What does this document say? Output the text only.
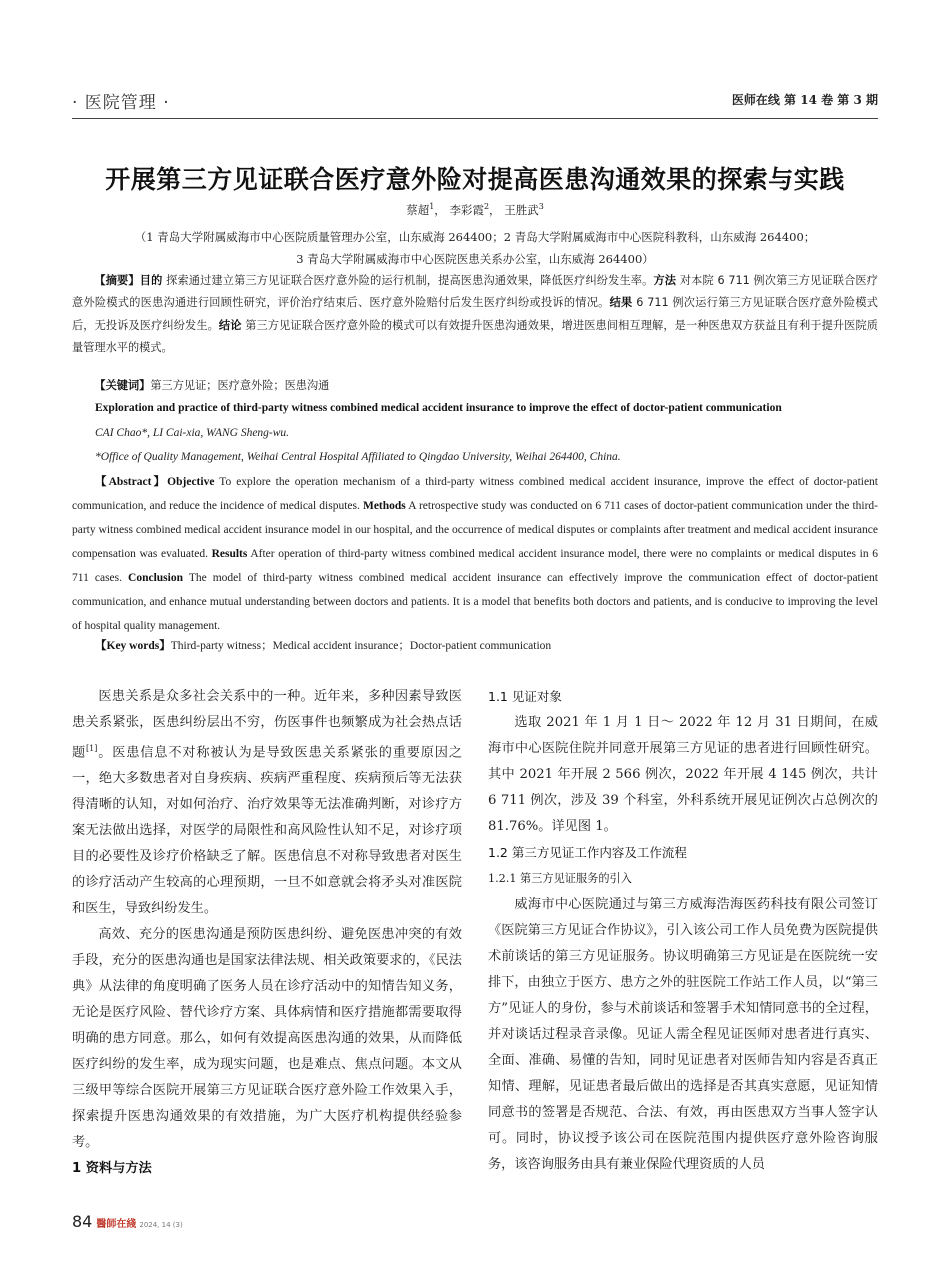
· 医院管理 ·	医师在线 第 14 卷 第 3 期
开展第三方见证联合医疗意外险对提高医患沟通效果的探索与实践
蔡超$^1$， 李彩霞$^2$， 王胜武$^3$
（1 青岛大学附属威海市中心医院质量管理办公室，山东威海 264400；2 青岛大学附属威海市中心医院科教科，山东威海 264400；
3 青岛大学附属威海市中心医院医患关系办公室，山东威海 264400）
【摘要】目的 探索通过建立第三方见证联合医疗意外险的运行机制，提高医患沟通效果，降低医疗纠纷发生率。方法 对本院 6 711 例次第三方见证联合医疗意外险模式的医患沟通进行回顾性研究，评价治疗结束后、医疗意外险赔付后发生医疗纠纷或投诉的情况。结果 6 711 例次运行第三方见证联合医疗意外险模式后，无投诉及医疗纠纷发生。结论 第三方见证联合医疗意外险的模式可以有效提升医患沟通效果，增进医患间相互理解，是一种医患双方获益且有利于提升医院质量管理水平的模式。
【关键词】第三方见证；医疗意外险；医患沟通
Exploration and practice of third-party witness combined medical accident insurance to improve the effect of doctor-patient communication
CAI Chao*, LI Cai-xia, WANG Sheng-wu.
*Office of Quality Management, Weihai Central Hospital Affiliated to Qingdao University, Weihai 264400, China.
【Abstract】Objective To explore the operation mechanism of a third-party witness combined medical accident insurance, improve the effect of doctor-patient communication, and reduce the incidence of medical disputes. Methods A retrospective study was conducted on 6 711 cases of doctor-patient communication under the third-party witness combined medical accident insurance model in our hospital, and the occurrence of medical disputes or complaints after treatment and medical accident insurance compensation was evaluated. Results After operation of third-party witness combined medical accident insurance model, there were no complaints or medical disputes in 6 711 cases. Conclusion The model of third-party witness combined medical accident insurance can effectively improve the communication effect of doctor-patient communication, and enhance mutual understanding between doctors and patients. It is a model that benefits both doctors and patients, and is conducive to improving the level of hospital quality management.
【Key words】Third-party witness；Medical accident insurance；Doctor-patient communication

医患关系是众多社会关系中的一种。近年来，多种因素导致医患关系紧张，医患纠纷层出不穷，伤医事件也频繁成为社会热点话题[1]。医患信息不对称被认为是导致医患关系紧张的重要原因之一，绝大多数患者对自身疾病、疾病严重程度、疾病预后等无法获得清晰的认知，对如何治疗、治疗效果等无法准确判断，对诊疗方案无法做出选择，对医学的局限性和高风险性认知不足，对诊疗项目的必要性及诊疗价格缺乏了解。医患信息不对称导致患者对医生的诊疗活动产生较高的心理预期，一旦不如意就会将矛头对准医院和医生，导致纠纷发生。

高效、充分的医患沟通是预防医患纠纷、避免医患冲突的有效手段，充分的医患沟通也是国家法律法规、相关政策要求的，《民法典》从法律的角度明确了医务人员在诊疗活动中的知情告知义务，无论是医疗风险、替代诊疗方案、具体病情和医疗措施都需要取得明确的患方同意。那么，如何有效提高医患沟通的效果，从而降低医疗纠纷的发生率，成为现实问题，也是难点、焦点问题。本文从三级甲等综合医院开展第三方见证联合医疗意外险工作效果入手，探索提升医患沟通效果的有效措施，为广大医疗机构提供经验参考。

1 资料与方法
1.1 见证对象

选取 2021 年 1 月 1 日～ 2022 年 12 月 31 日期间，在威海市中心医院住院并同意开展第三方见证的患者进行回顾性研究。其中 2021 年开展 2 566 例次，2022 年开展 4 145 例次，共计 6 711 例次，涉及 39 个科室，外科系统开展见证例次占总例次的 81.76%。详见图 1。

1.2 第三方见证工作内容及工作流程
1.2.1 第三方见证服务的引入

威海市中心医院通过与第三方威海浩海医药科技有限公司签订《医院第三方见证合作协议》，引入该公司工作人员免费为医院提供术前谈话的第三方见证服务。协议明确第三方见证是在医院统一安排下，由独立于医方、患方之外的驻医院工作站工作人员，以“第三方”见证人的身份，参与术前谈话和签署手术知情同意书的全过程，并对谈话过程录音录像。见证人需全程见证医师对患者进行真实、全面、准确、易懂的告知，同时见证患者对医师告知内容是否真正知情、理解，见证患者最后做出的选择是否其真实意愿，见证知情同意书的签署是否规范、合法、有效，再由医患双方当事人签字认可。同时，协议授予该公司在医院范围内提供医疗意外险咨询服务，该咨询服务由具有兼业保险代理资质的人员

84 醫師在綫 2024, 14 (3)
